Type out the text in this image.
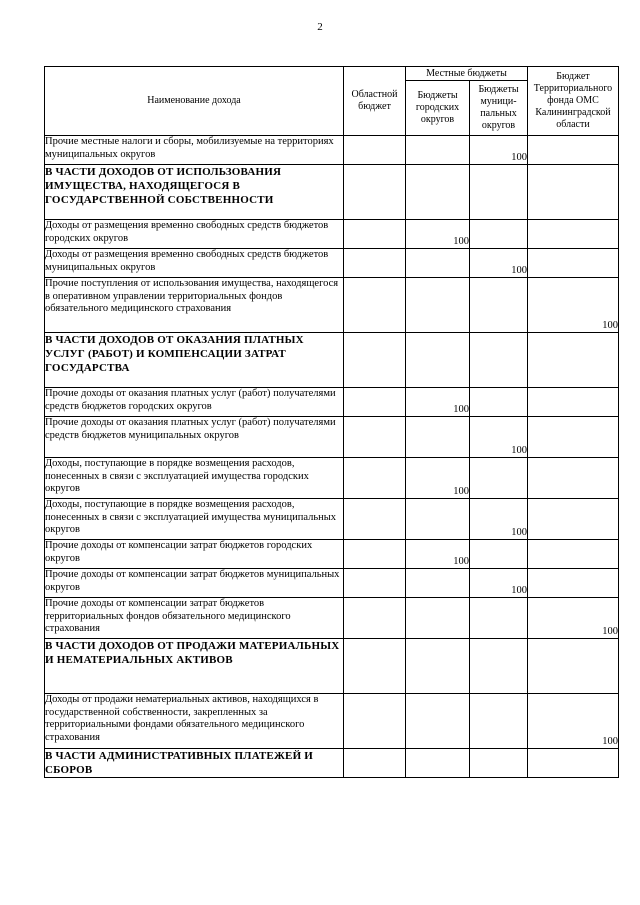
2
Наименование дохода	Областной бюджет	Местные бюджеты		Бюджет Территориального фонда ОМС Калининградской области
		Бюджеты городских округов	Бюджеты муници-пальных округов	
Прочие местные налоги и сборы, мобилизуемые на территориях муниципальных округов			100	
В ЧАСТИ ДОХОДОВ ОТ ИСПОЛЬЗОВАНИЯ ИМУЩЕСТВА, НАХОДЯЩЕГОСЯ В ГОСУДАРСТВЕННОЙ СОБСТВЕННОСТИ				
Доходы от размещения временно свободных средств бюджетов городских округов		100		
Доходы от размещения временно свободных средств бюджетов муниципальных округов			100	
Прочие поступления от использования имущества, находящегося в оперативном управлении территориальных фондов обязательного медицинского страхования				100
В ЧАСТИ ДОХОДОВ ОТ ОКАЗАНИЯ ПЛАТНЫХ УСЛУГ (РАБОТ) И КОМПЕНСАЦИИ ЗАТРАТ ГОСУДАРСТВА				
Прочие доходы от оказания платных услуг (работ) получателями средств бюджетов городских округов		100		
Прочие доходы от оказания платных услуг (работ) получателями средств бюджетов муниципальных округов			100	
Доходы, поступающие в порядке возмещения расходов, понесенных в связи с эксплуатацией имущества городских округов		100		
Доходы, поступающие в порядке возмещения расходов, понесенных в связи с эксплуатацией имущества муниципальных округов			100	
Прочие доходы от компенсации затрат бюджетов городских округов		100		
Прочие доходы от компенсации затрат бюджетов муниципальных округов			100	
Прочие доходы от компенсации затрат бюджетов территориальных фондов обязательного медицинского страхования				100
В ЧАСТИ ДОХОДОВ ОТ ПРОДАЖИ МАТЕРИАЛЬНЫХ И НЕМАТЕРИАЛЬНЫХ АКТИВОВ				
Доходы от продажи нематериальных активов, находящихся в государственной собственности, закрепленных за территориальными фондами обязательного медицинского страхования				100
В ЧАСТИ АДМИНИСТРАТИВНЫХ ПЛАТЕЖЕЙ И СБОРОВ				
